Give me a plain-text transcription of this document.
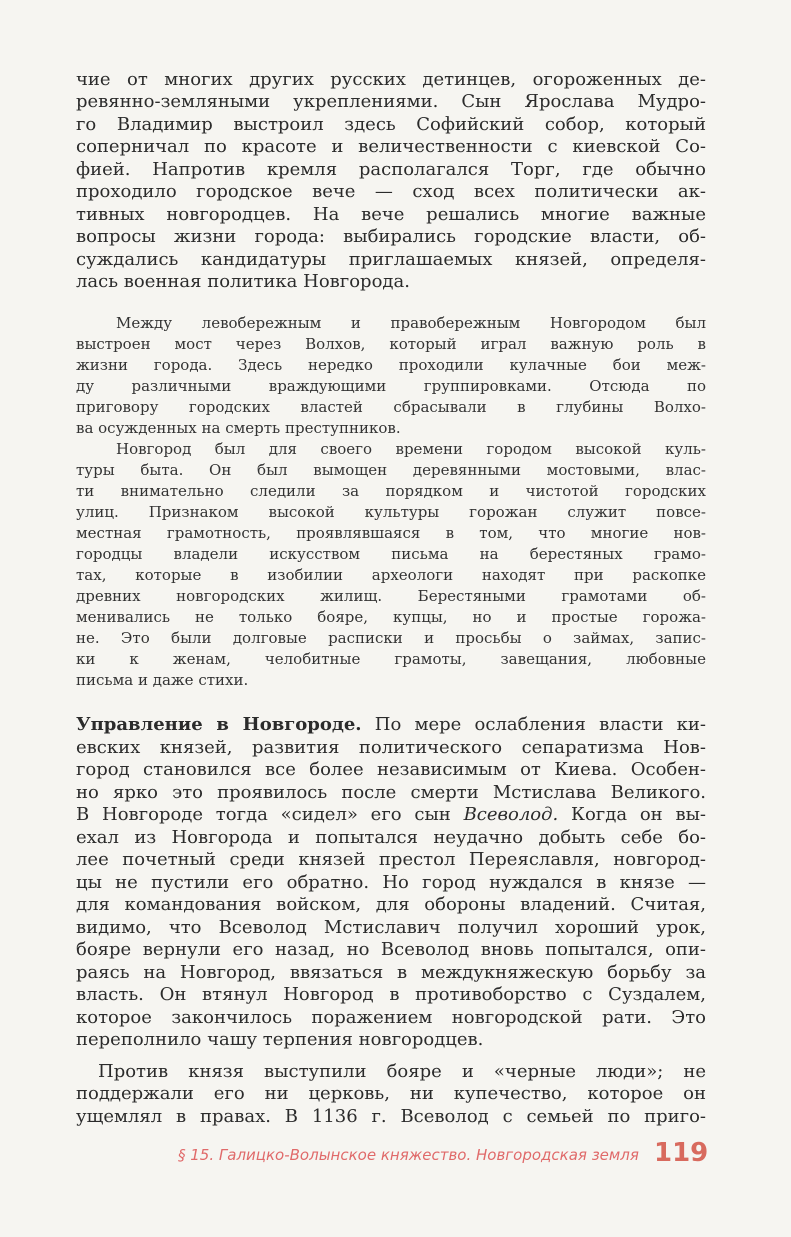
чие от многих других русских детинцев, огороженных де-
ревянно-земляными укреплениями. Сын Ярослава Мудро-
го Владимир выстроил здесь Софийский собор, который
соперничал по красоте и величественности с киевской Со-
фией. Напротив кремля располагался Торг, где обычно
проходило городское вече — сход всех политически ак-
тивных новгородцев. На вече решались многие важные
вопросы жизни города: выбирались городские власти, об-
суждались кандидатуры приглашаемых князей, определя-
лась военная политика Новгорода.
Между левобережным и правобережным Новгородом был
выстроен мост через Волхов, который играл важную роль в
жизни города. Здесь нередко проходили кулачные бои меж-
ду различными враждующими группировками. Отсюда по
приговору городских властей сбрасывали в глубины Волхо-
ва осужденных на смерть преступников.
Новгород был для своего времени городом высокой куль-
туры быта. Он был вымощен деревянными мостовыми, влас-
ти внимательно следили за порядком и чистотой городских
улиц. Признаком высокой культуры горожан служит повсе-
местная грамотность, проявлявшаяся в том, что многие нов-
городцы владели искусством письма на берестяных грамо-
тах, которые в изобилии археологи находят при раскопке
древних новгородских жилищ. Берестяными грамотами об-
менивались не только бояре, купцы, но и простые горожа-
не. Это были долговые расписки и просьбы о займах, запис-
ки к женам, челобитные грамоты, завещания, любовные
письма и даже стихи.
Управление в Новгороде. По мере ослабления власти ки-
евских князей, развития политического сепаратизма Нов-
город становился все более независимым от Киева. Особен-
но ярко это проявилось после смерти Мстислава Великого.
В Новгороде тогда «сидел» его сын Всеволод. Когда он вы-
ехал из Новгорода и попытался неудачно добыть себе бо-
лее почетный среди князей престол Переяславля, новгород-
цы не пустили его обратно. Но город нуждался в князе —
для командования войском, для обороны владений. Считая,
видимо, что Всеволод Мстиславич получил хороший урок,
бояре вернули его назад, но Всеволод вновь попытался, опи-
раясь на Новгород, ввязаться в междукняжескую борьбу за
власть. Он втянул Новгород в противоборство с Суздалем,
которое закончилось поражением новгородской рати. Это
переполнило чашу терпения новгородцев.
Против князя выступили бояре и «черные люди»; не
поддержали его ни церковь, ни купечество, которое он
ущемлял в правах. В 1136 г. Всеволод с семьей по приго-
§ 15. Галицко-Волынское княжество. Новгородская земля 119
